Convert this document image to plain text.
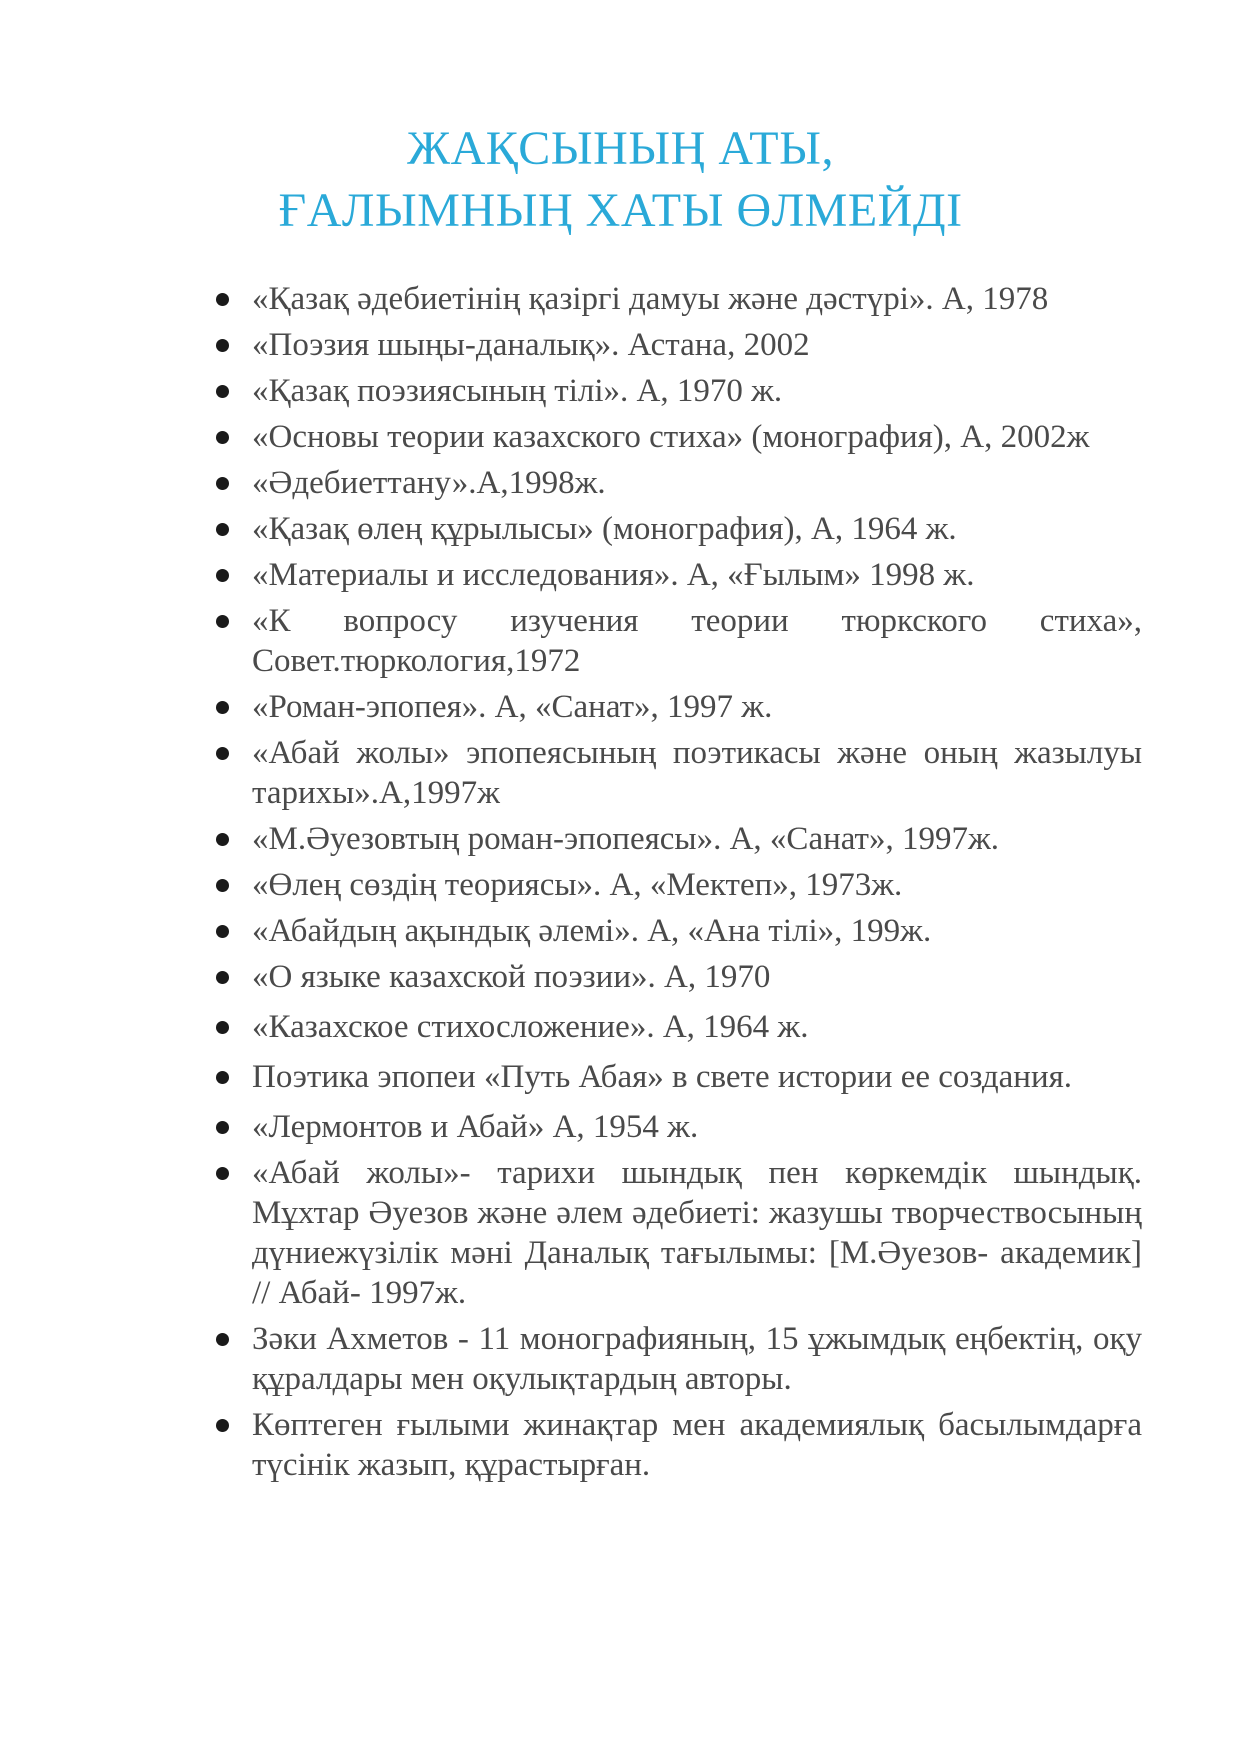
ЖАҚСЫНЫҢ АТЫ,
ҒАЛЫМНЫҢ ХАТЫ ӨЛМЕЙДІ
«Қазақ әдебиетінің қазіргі дамуы және дәстүрі». А, 1978
«Поэзия шыңы-даналық». Астана, 2002
«Қазақ поэзиясының тілі». А, 1970 ж.
«Основы теории казахского стиха» (монография), А, 2002ж
«Әдебиеттану».А,1998ж.
«Қазақ өлең құрылысы» (монография), А, 1964 ж.
«Материалы и исследования». А, «Ғылым» 1998 ж.
«К вопросу изучения теории тюркского стиха», Совет.тюркология,1972
«Роман-эпопея». А, «Санат», 1997 ж.
«Абай жолы» эпопеясының поэтикасы және оның жазылуы тарихы».А,1997ж
«М.Әуезовтың роман-эпопеясы». А, «Санат», 1997ж.
«Өлең сөздің теориясы». А, «Мектеп», 1973ж.
«Абайдың ақындық әлемі». А, «Ана тілі», 199ж.
«О языке казахской поэзии». А, 1970
«Казахское стихосложение». А, 1964 ж.
Поэтика эпопеи «Путь Абая» в свете истории ее создания.
«Лермонтов и Абай» А, 1954 ж.
«Абай жолы»- тарихи шындық пен көркемдік шындық. Мұхтар Әуезов және әлем әдебиеті: жазушы творчествосының дүниежүзілік мәні Даналық тағылымы: [М.Әуезов- академик] // Абай- 1997ж.
Зәки Ахметов - 11 монографияның, 15 ұжымдық еңбектің, оқу құралдары мен оқулықтардың авторы.
Көптеген ғылыми жинақтар мен академиялық басылымдарға түсінік жазып, құрастырған.
